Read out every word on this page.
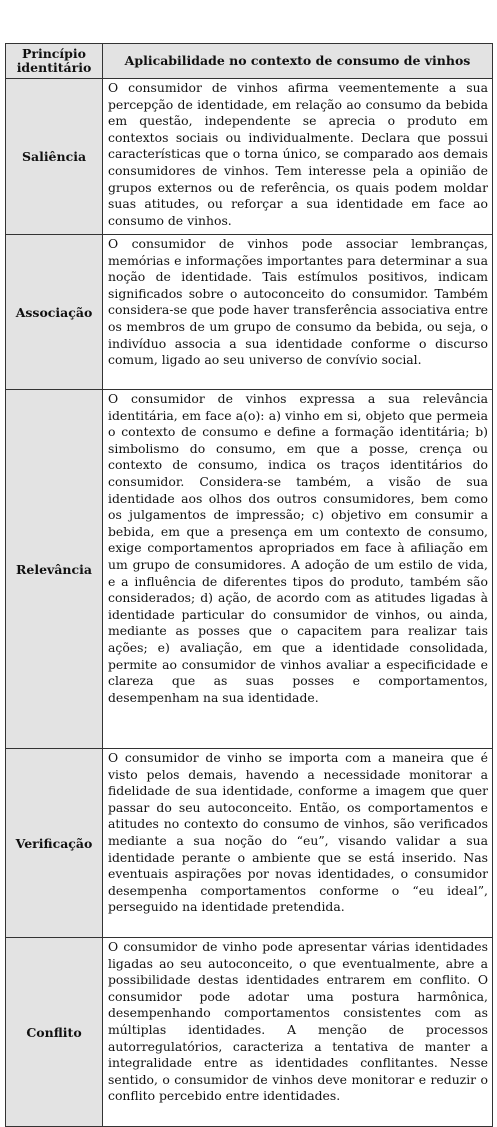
Princípio identitário	Aplicabilidade no contexto de consumo de vinhos
Saliência	O consumidor de vinhos afirma veementemente a sua percepção de identidade, em relação ao consumo da bebida em questão, independente se aprecia o produto em contextos sociais ou individualmente. Declara que possui características que o torna único, se comparado aos demais consumidores de vinhos. Tem interesse pela a opinião de grupos externos ou de referência, os quais podem moldar suas atitudes, ou reforçar a sua identidade em face ao consumo de vinhos.

Associação	O consumidor de vinhos pode associar lembranças, memórias e informações importantes para determinar a sua noção de identidade. Tais estímulos positivos, indicam significados sobre o autoconceito do consumidor. Também considera-se que pode haver transferência associativa entre os membros de um grupo de consumo da bebida, ou seja, o indivíduo associa a sua identidade conforme o discurso comum, ligado ao seu universo de convívio social.

Relevância	O consumidor de vinhos expressa a sua relevância identitária, em face a(o): a) vinho em si, objeto que permeia o contexto de consumo e define a formação identitária; b) simbolismo do consumo, em que a posse, crença ou contexto de consumo, indica os traços identitários do consumidor. Considera-se também, a visão de sua identidade aos olhos dos outros consumidores, bem como os julgamentos de impressão; c) objetivo em consumir a bebida, em que a presença em um contexto de consumo, exige comportamentos apropriados em face à afiliação em um grupo de consumidores. A adoção de um estilo de vida, e a influência de diferentes tipos do produto, também são considerados; d) ação, de acordo com as atitudes ligadas à identidade particular do consumidor de vinhos, ou ainda, mediante as posses que o capacitem para realizar tais ações; e) avaliação, em que a identidade consolidada, permite ao consumidor de vinhos avaliar a especificidade e clareza que as suas posses e comportamentos, desempenham na sua identidade.

Verificação	O consumidor de vinho se importa com a maneira que é visto pelos demais, havendo a necessidade monitorar a fidelidade de sua identidade, conforme a imagem que quer passar do seu autoconceito. Então, os comportamentos e atitudes no contexto do consumo de vinhos, são verificados mediante a sua noção do “eu”, visando validar a sua identidade perante o ambiente que se está inserido. Nas eventuais aspirações por novas identidades, o consumidor desempenha comportamentos conforme o “eu ideal”, perseguido na identidade pretendida.

Conflito	O consumidor de vinho pode apresentar várias identidades ligadas ao seu autoconceito, o que eventualmente, abre a possibilidade destas identidades entrarem em conflito. O consumidor pode adotar uma postura harmônica, desempenhando comportamentos consistentes com as múltiplas identidades. A menção de processos autorregulatórios, caracteriza a tentativa de manter a integralidade entre as identidades conflitantes. Nesse sentido, o consumidor de vinhos deve monitorar e reduzir o conflito percebido entre identidades.
